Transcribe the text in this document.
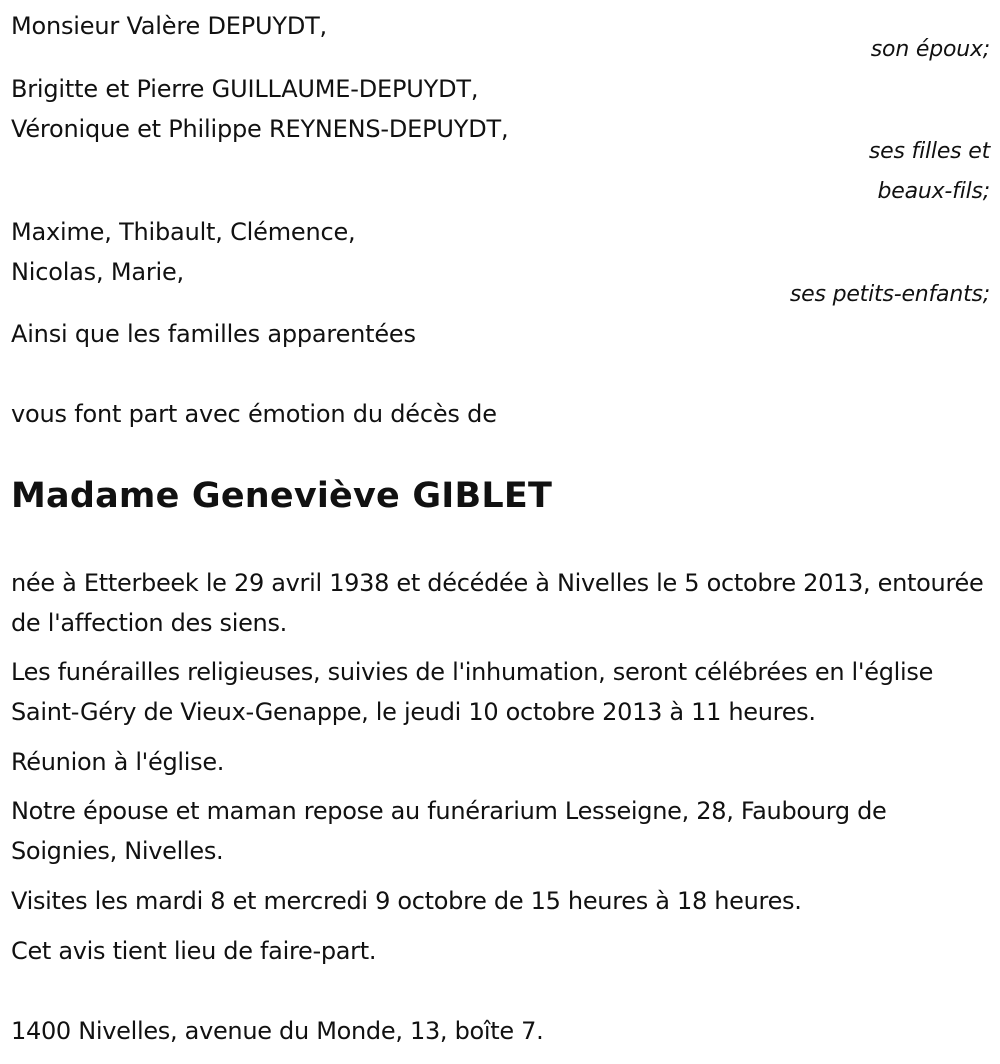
Monsieur Valère DEPUYDT,
son époux;
Brigitte et Pierre GUILLAUME-DEPUYDT,
Véronique et Philippe REYNENS-DEPUYDT,
ses filles et
beaux-fils;
Maxime, Thibault, Clémence,
Nicolas, Marie,
ses petits-enfants;
Ainsi que les familles apparentées
vous font part avec émotion du décès de
Madame Geneviève GIBLET
née à Etterbeek le 29 avril 1938 et décédée à Nivelles le 5 octobre 2013, entourée de l'affection des siens.
Les funérailles religieuses, suivies de l'inhumation, seront célébrées en l'église Saint-Géry de Vieux-Genappe, le jeudi 10 octobre 2013 à 11 heures.
Réunion à l'église.
Notre épouse et maman repose au funérarium Lesseigne, 28, Faubourg de Soignies, Nivelles.
Visites les mardi 8 et mercredi 9 octobre de 15 heures à 18 heures.
Cet avis tient lieu de faire-part.
1400 Nivelles, avenue du Monde, 13, boîte 7.
